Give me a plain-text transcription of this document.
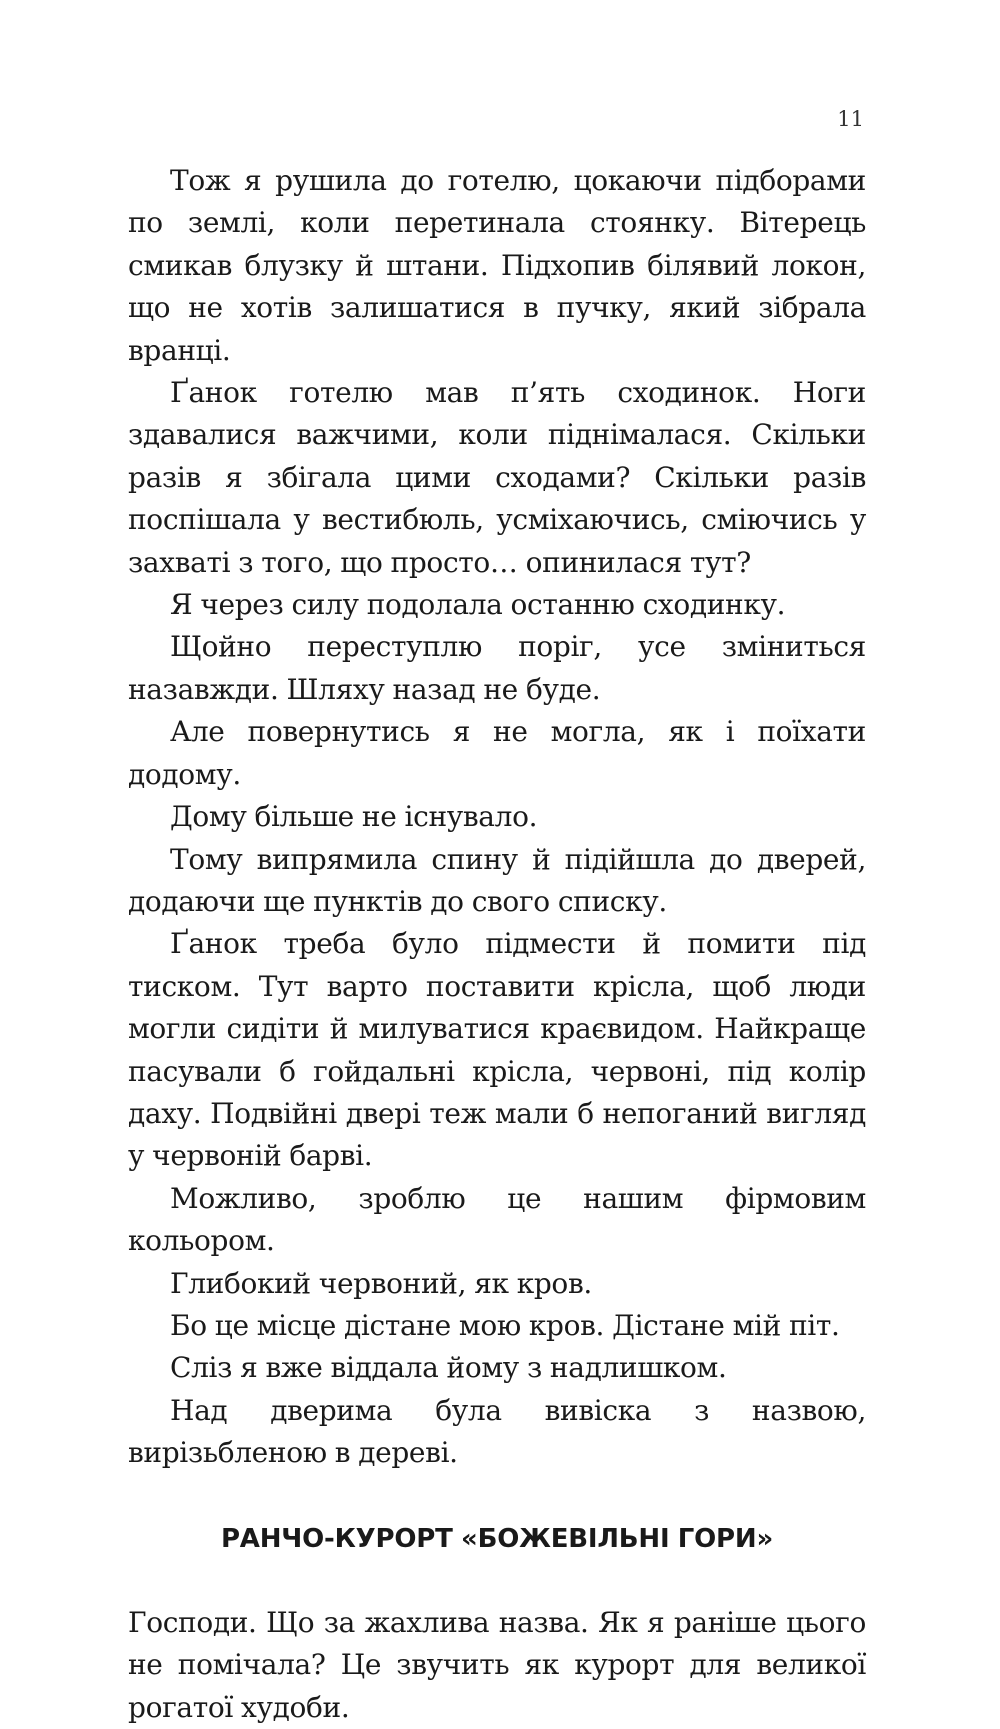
11

Тож я рушила до готелю, цокаючи підборами по землі, коли перетинала стоянку. Вітерець смикав блузку й штани. Підхопив білявий локон, що не хотів залишатися в пучку, який зібрала вранці.

Ґанок готелю мав п’ять сходинок. Ноги здавалися важчими, коли піднімалася. Скільки разів я збігала цими сходами? Скільки разів поспішала у вестибюль, усміхаючись, сміючись у захваті з того, що просто… опинилася тут?

Я через силу подолала останню сходинку.

Щойно переступлю поріг, усе зміниться назавжди. Шляху назад не буде.

Але повернутись я не могла, як і поїхати додому.

Дому більше не існувало.

Тому випрямила спину й підійшла до дверей, додаючи ще пунктів до свого списку.

Ґанок треба було підмести й помити під тиском. Тут варто поставити крісла, щоб люди могли сидіти й милуватися краєвидом. Найкраще пасували б гойдальні крісла, червоні, під колір даху. Подвійні двері теж мали б непоганий вигляд у червоній барві.

Можливо, зроблю це нашим фірмовим кольором.

Глибокий червоний, як кров.

Бо це місце дістане мою кров. Дістане мій піт.

Сліз я вже віддала йому з надлишком.

Над дверима була вивіска з назвою, вирізьбленою в дереві.

РАНЧО-КУРОРТ «БОЖЕВІЛЬНІ ГОРИ»

Господи. Що за жахлива назва. Як я раніше цього не помічала? Це звучить як курорт для великої рогатої худоби.
